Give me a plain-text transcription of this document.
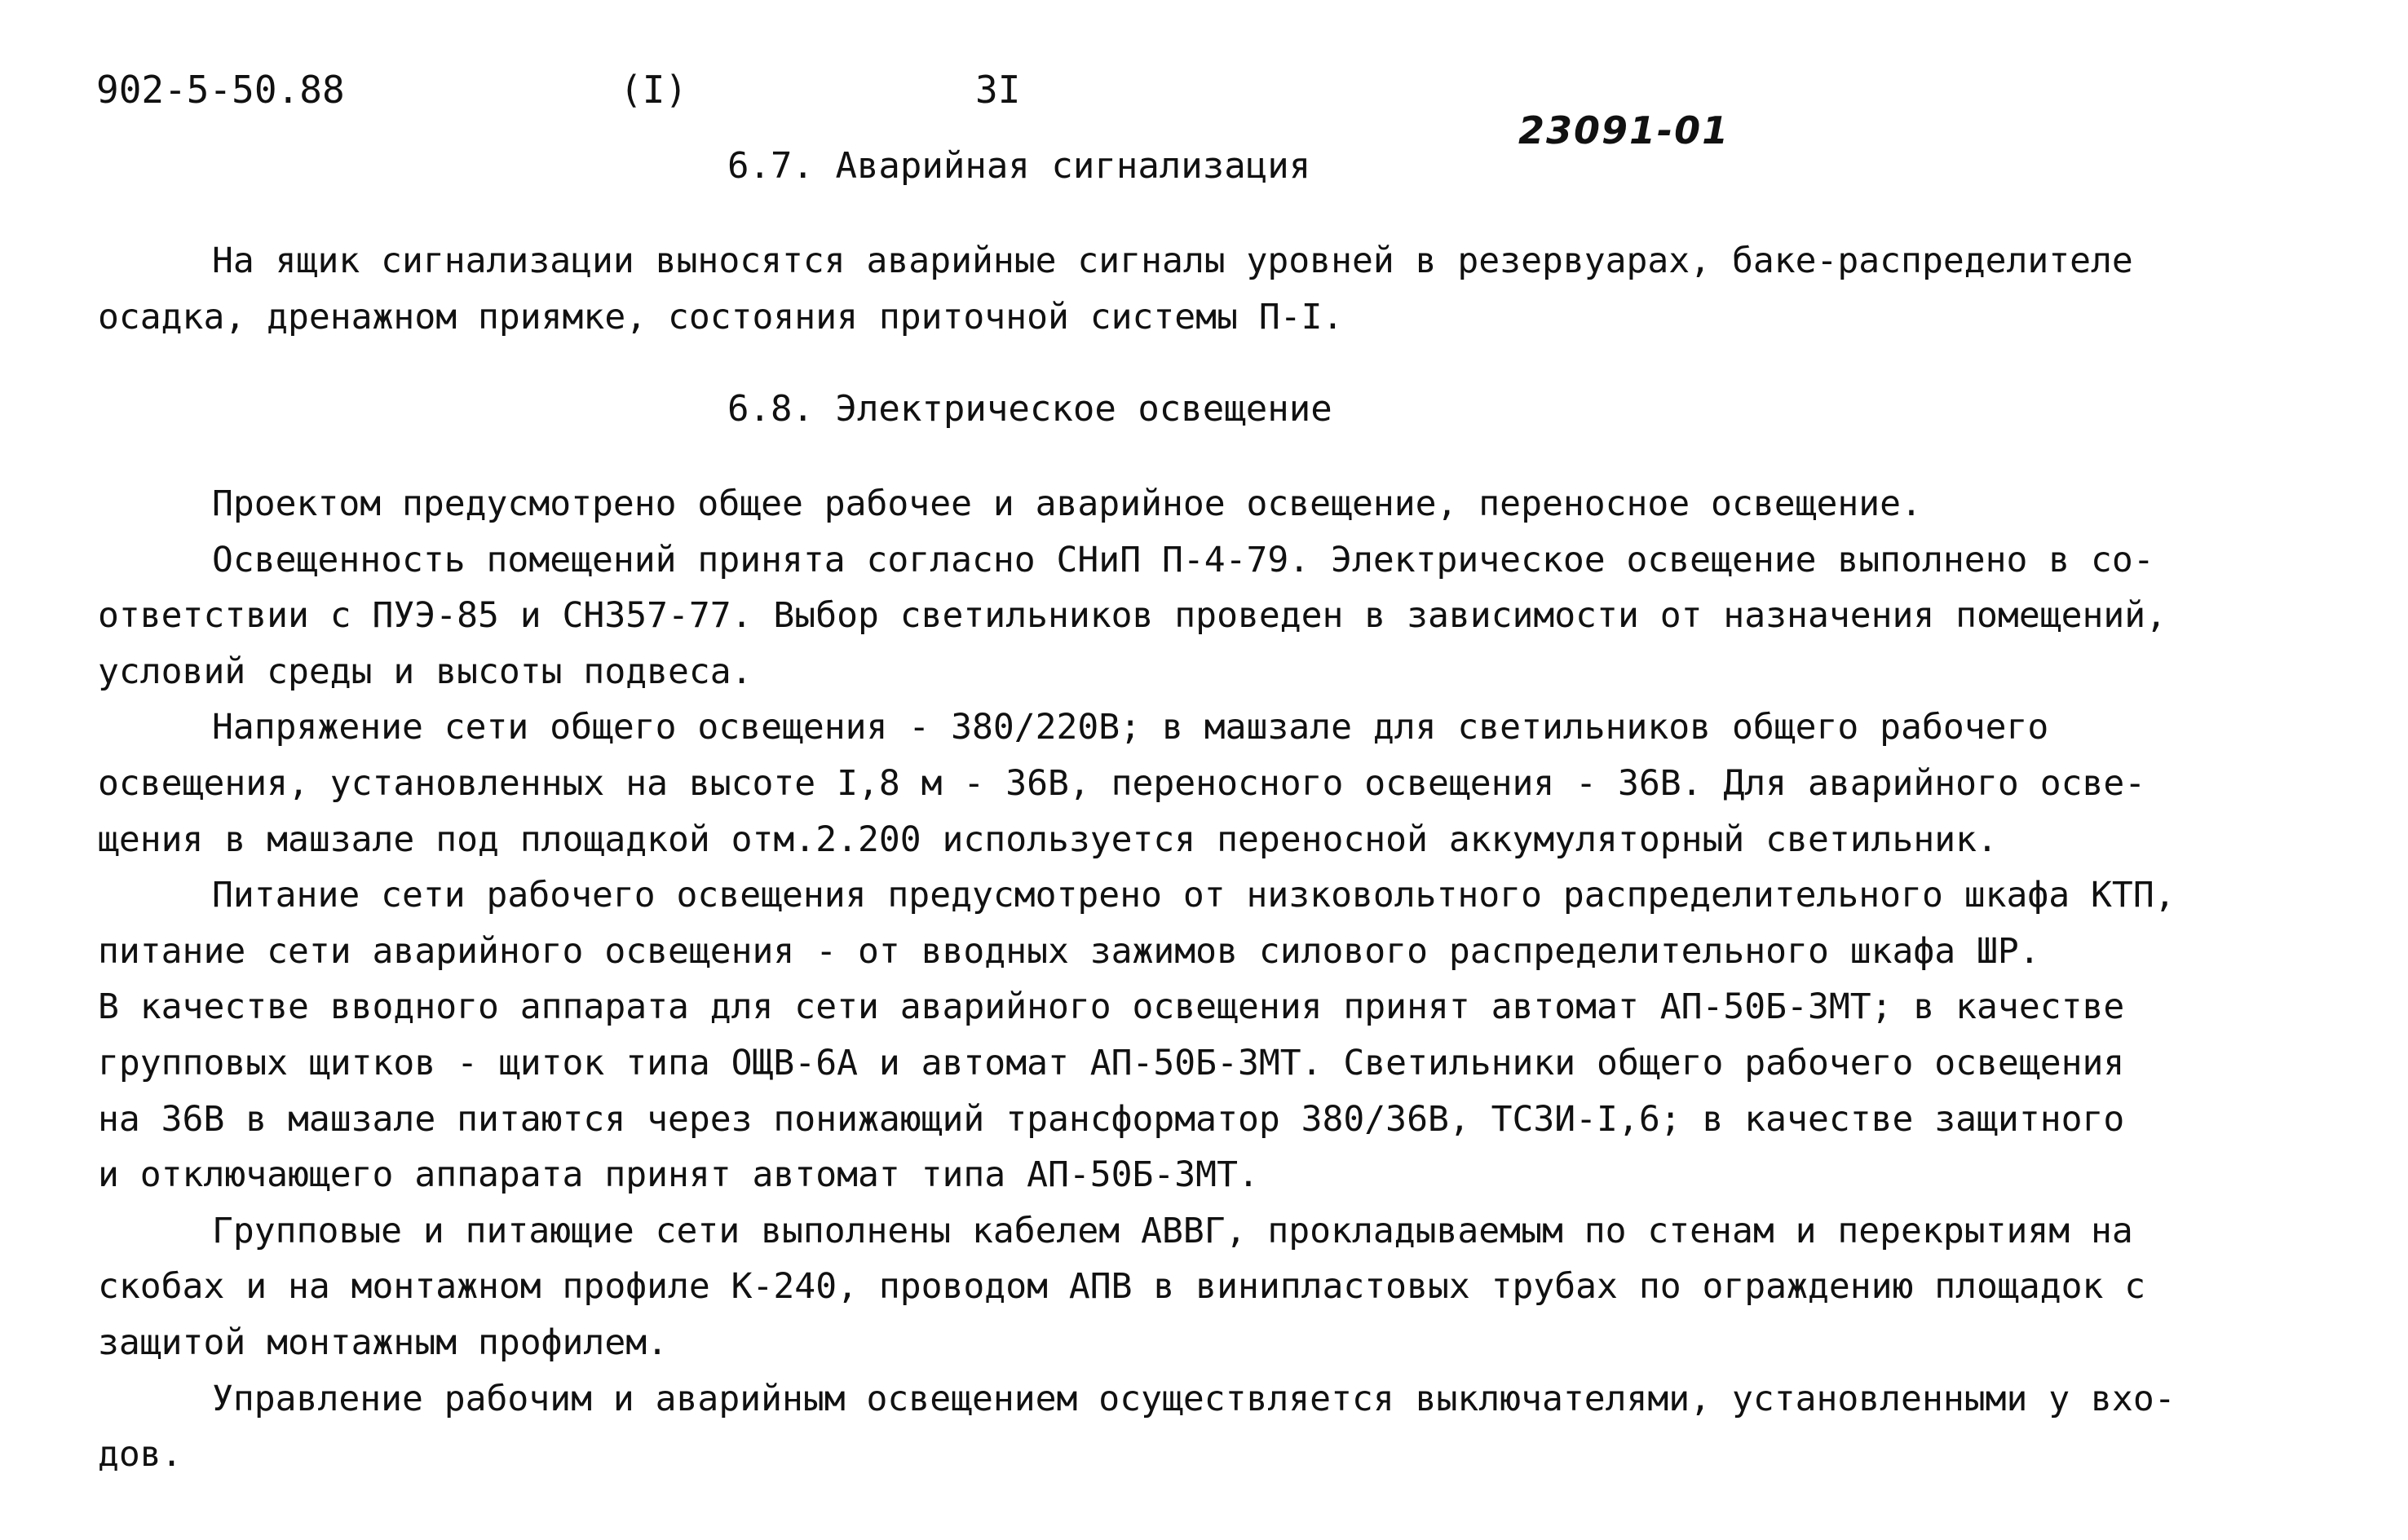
902-5-50.88	(I)	3I
23091-01
6.7. Аварийная сигнализация
На ящик сигнализации выносятся аварийные сигналы уровней в резервуарах, баке-распределителе
осадка, дренажном приямке, состояния приточной системы П-I.
6.8. Электрическое освещение
Проектом предусмотрено общее рабочее и аварийное освещение, переносное освещение.
Освещенность помещений принята согласно СНиП П-4-79. Электрическое освещение выполнено в со-
ответствии с ПУЭ-85 и СН357-77. Выбор светильников проведен в зависимости от назначения помещений,
условий среды и высоты подвеса.
Напряжение сети общего освещения - 380/220В; в машзале для светильников общего рабочего
освещения, установленных на высоте I,8 м - 36В, переносного освещения - 36В. Для аварийного осве-
щения в машзале под площадкой отм.2.200 используется переносной аккумуляторный светильник.
Питание сети рабочего освещения предусмотрено от низковольтного распределительного шкафа КТП,
питание сети аварийного освещения - от вводных зажимов силового распределительного шкафа ШР.
В качестве вводного аппарата для сети аварийного освещения принят автомат АП-50Б-3МТ; в качестве
групповых щитков - щиток типа ОЩВ-6А и автомат АП-50Б-3МТ. Светильники общего рабочего освещения
на 36В в машзале питаются через понижающий трансформатор 380/36В, ТСЗИ-I,6; в качестве защитного
и отключающего аппарата принят автомат типа АП-50Б-3МТ.
Групповые и питающие сети выполнены кабелем АВВГ, прокладываемым по стенам и перекрытиям на
скобах и на монтажном профиле К-240, проводом АПВ в винипластовых трубах по ограждению площадок с
защитой монтажным профилем.
Управление рабочим и аварийным освещением осуществляется выключателями, установленными у вхо-
дов.
